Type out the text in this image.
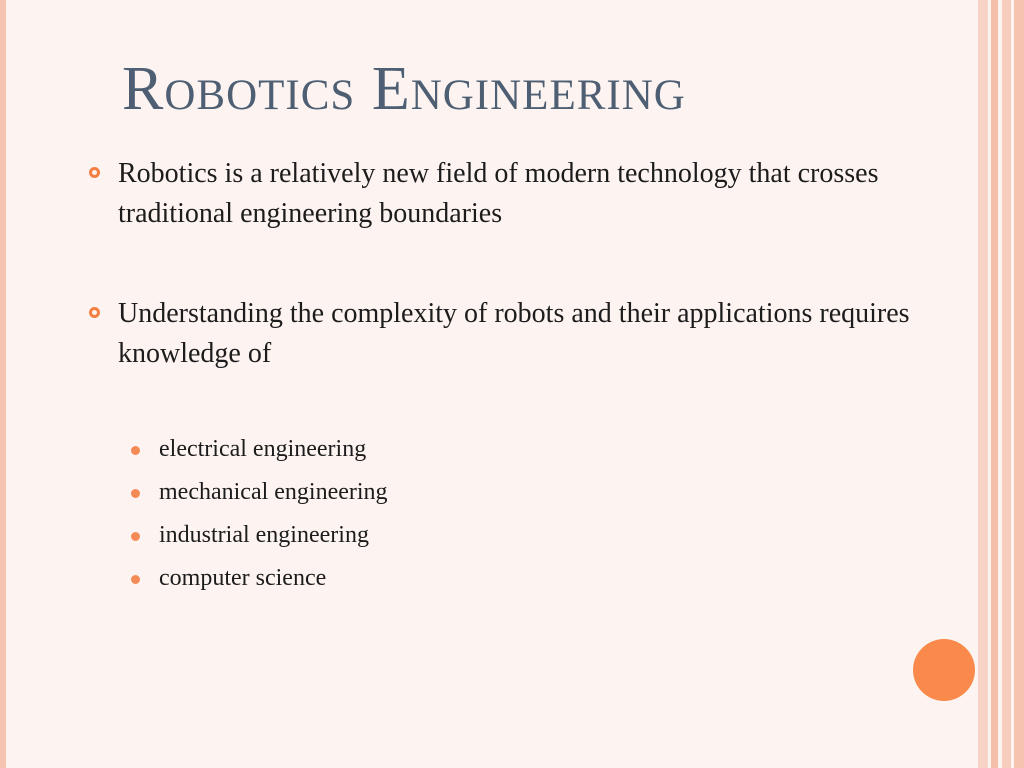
Robotics Engineering
Robotics is a relatively new field of modern technology that crosses traditional engineering boundaries
Understanding the complexity of robots and their applications requires knowledge of
electrical engineering
mechanical engineering
industrial engineering
computer science
